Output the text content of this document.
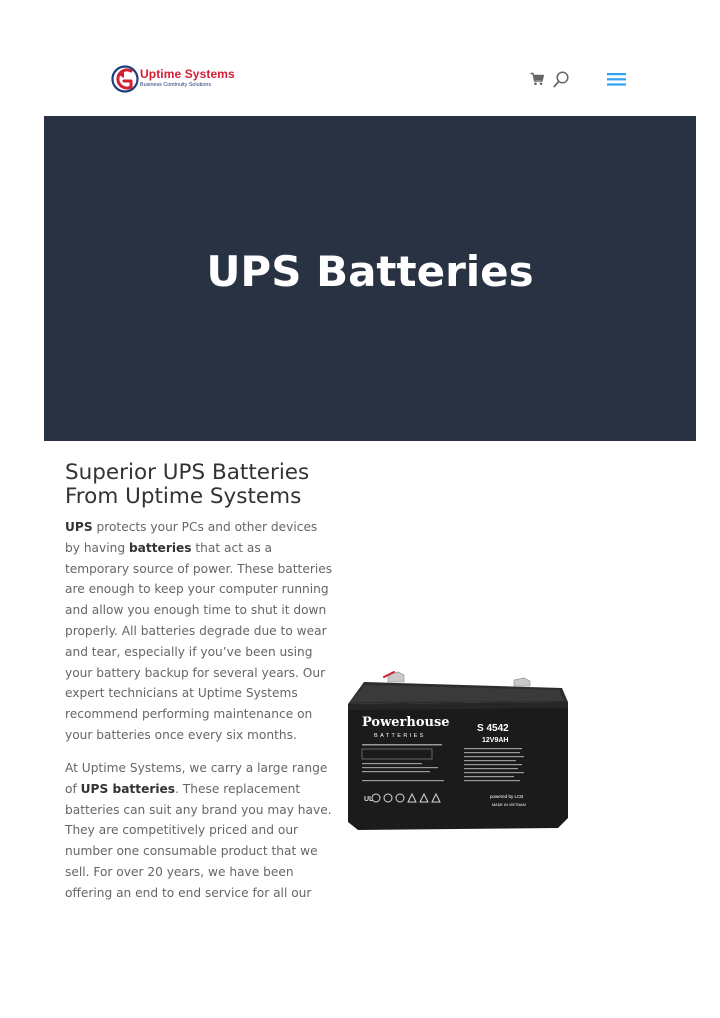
Uptime Systems
Business Continuity Solutions
UPS Batteries
Superior UPS Batteries From Uptime Systems

UPS protects your PCs and other devices by having batteries that act as a temporary source of power. These batteries are enough to keep your computer running and allow you enough time to shut it down properly. All batteries degrade due to wear and tear, especially if you’ve been using your battery backup for several years. Our expert technicians at Uptime Systems recommend performing maintenance on your batteries once every six months.

At Uptime Systems, we carry a large range of UPS batteries. These replacement batteries can suit any brand you may have. They are competitively priced and our number one consumable product that we sell. For over 20 years, we have been offering an end to end service for all our

Powerhouse
BATTERIES
S 4542
12V9AH
UL	powered by LCB
MADE IN VIETNAM
